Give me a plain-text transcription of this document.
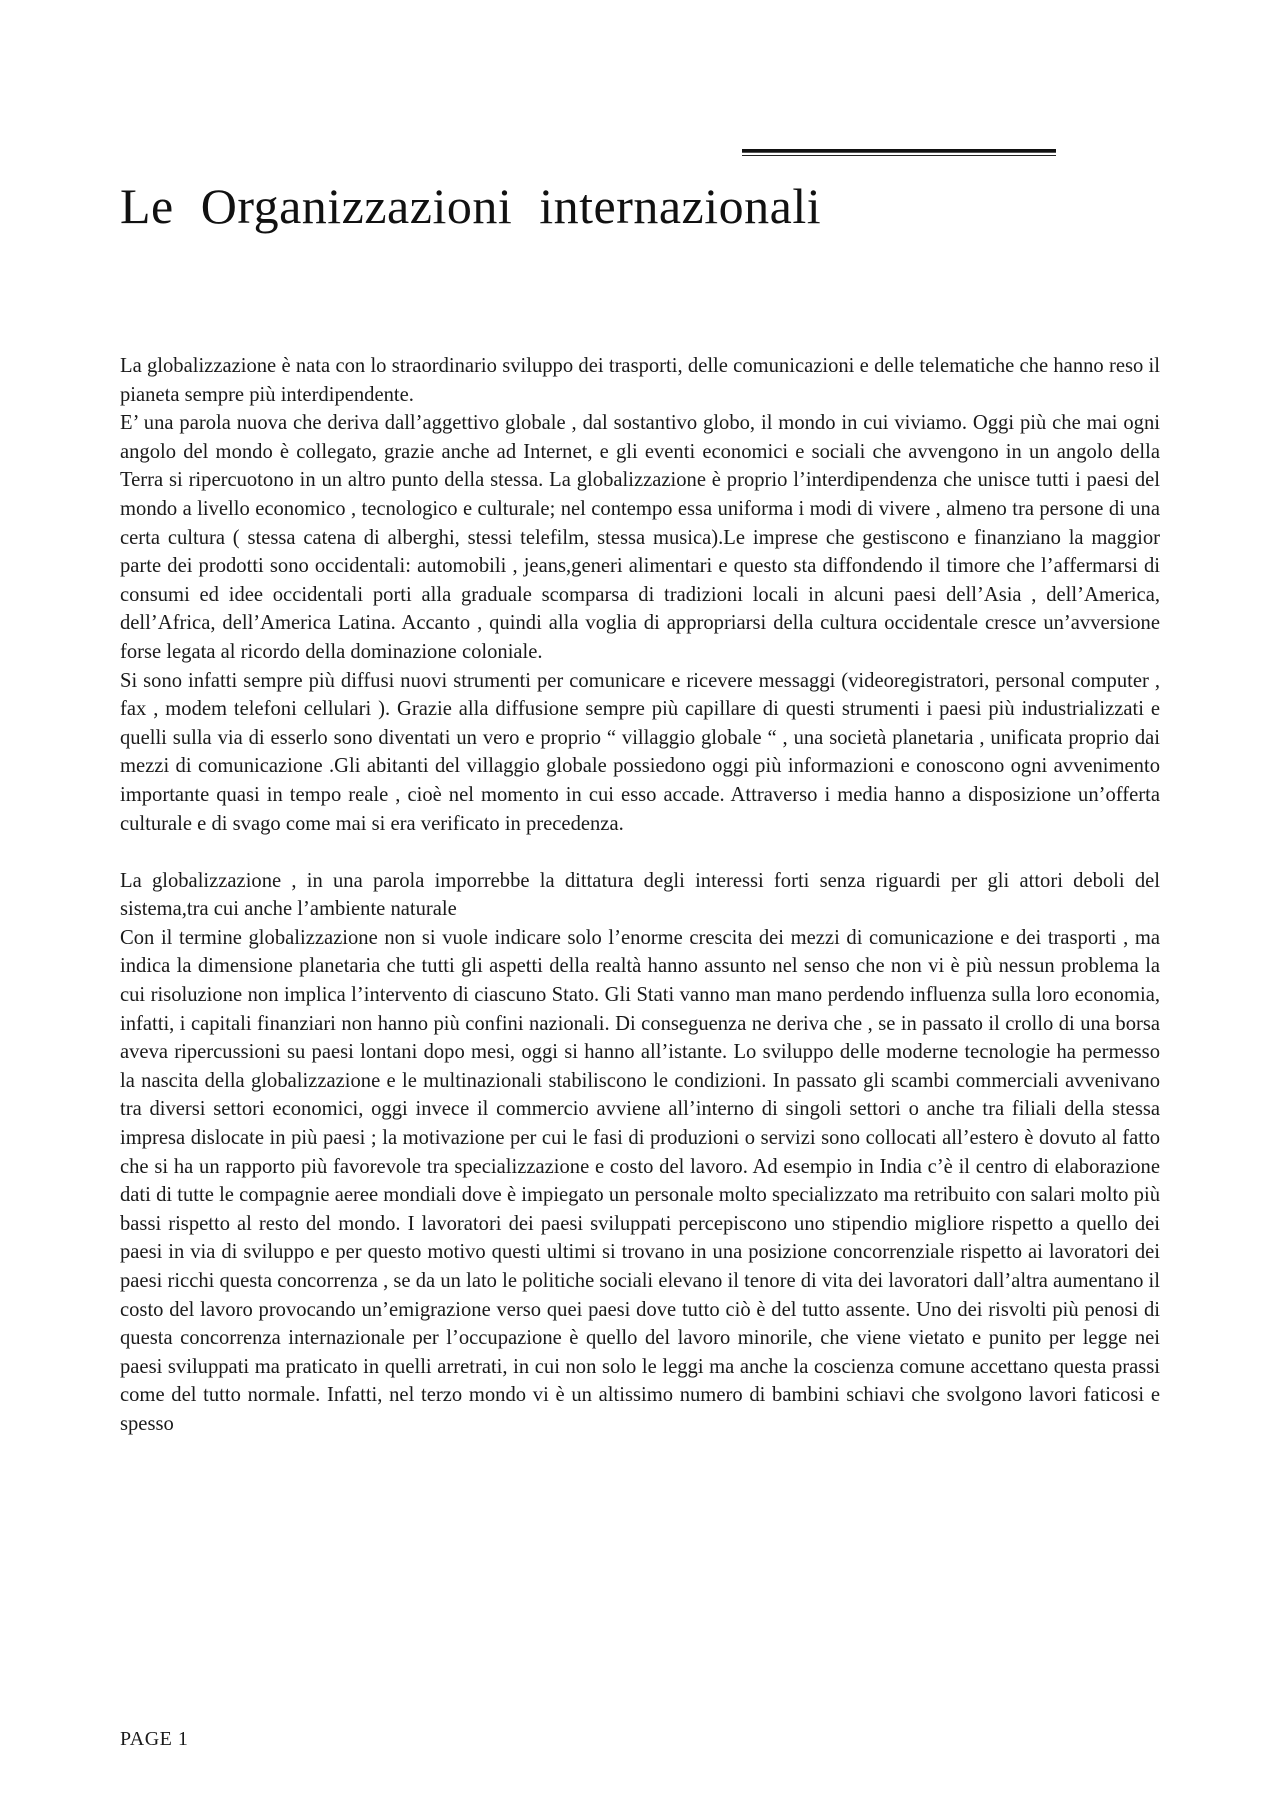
Le Organizzazioni internazionali

La globalizzazione è nata con lo straordinario sviluppo dei trasporti, delle comunicazioni e delle telematiche che hanno reso il pianeta sempre più interdipendente.

E’ una parola nuova che deriva dall’aggettivo globale , dal sostantivo globo, il mondo in cui viviamo. Oggi più che mai ogni angolo del mondo è collegato, grazie anche ad Internet, e gli eventi economici e sociali che avvengono in un angolo della Terra si ripercuotono in un altro punto della stessa. La globalizzazione è proprio l’interdipendenza che unisce tutti i paesi del mondo a livello economico , tecnologico e culturale; nel contempo essa uniforma i modi di vivere , almeno tra persone di una certa cultura ( stessa catena di alberghi, stessi telefilm, stessa musica).Le imprese che gestiscono e finanziano la maggior parte dei prodotti sono occidentali: automobili , jeans,generi alimentari e questo sta diffondendo il timore che l’affermarsi di consumi ed idee occidentali porti alla graduale scomparsa di tradizioni locali in alcuni paesi dell’Asia , dell’America, dell’Africa, dell’America Latina. Accanto , quindi alla voglia di appropriarsi della cultura occidentale cresce un’avversione forse legata al ricordo della dominazione coloniale.

Si sono infatti sempre più diffusi nuovi strumenti per comunicare e ricevere messaggi (videoregistratori, personal computer , fax , modem telefoni cellulari ). Grazie alla diffusione sempre più capillare di questi strumenti i paesi più industrializzati e quelli sulla via di esserlo sono diventati un vero e proprio “ villaggio globale “ , una società planetaria , unificata proprio dai mezzi di comunicazione .Gli abitanti del villaggio globale possiedono oggi più informazioni e conoscono ogni avvenimento importante quasi in tempo reale , cioè nel momento in cui esso accade. Attraverso i media hanno a disposizione un’offerta culturale e di svago come mai si era verificato in precedenza.

La globalizzazione , in una parola imporrebbe la dittatura degli interessi forti senza riguardi per gli attori deboli del sistema,tra cui anche l’ambiente naturale

Con il termine globalizzazione non si vuole indicare solo l’enorme crescita dei mezzi di comunicazione e dei trasporti , ma indica la dimensione planetaria che tutti gli aspetti della realtà hanno assunto nel senso che non vi è più nessun problema la cui risoluzione non implica l’intervento di ciascuno Stato. Gli Stati vanno man mano perdendo influenza sulla loro economia, infatti, i capitali finanziari non hanno più confini nazionali. Di conseguenza ne deriva che , se in passato il crollo di una borsa aveva ripercussioni su paesi lontani dopo mesi, oggi si hanno all’istante. Lo sviluppo delle moderne tecnologie ha permesso la nascita della globalizzazione e le multinazionali stabiliscono le condizioni. In passato gli scambi commerciali avvenivano tra diversi settori economici, oggi invece il commercio avviene all’interno di singoli settori o anche tra filiali della stessa impresa dislocate in più paesi ; la motivazione per cui le fasi di produzioni o servizi sono collocati all’estero è dovuto al fatto che si ha un rapporto più favorevole tra specializzazione e costo del lavoro. Ad esempio in India c’è il centro di elaborazione dati di tutte le compagnie aeree mondiali dove è impiegato un personale molto specializzato ma retribuito con salari molto più bassi rispetto al resto del mondo. I lavoratori dei paesi sviluppati percepiscono uno stipendio migliore rispetto a quello dei paesi in via di sviluppo e per questo motivo questi ultimi si trovano in una posizione concorrenziale rispetto ai lavoratori dei paesi ricchi questa concorrenza , se da un lato le politiche sociali elevano il tenore di vita dei lavoratori dall’altra aumentano il costo del lavoro provocando un’emigrazione verso quei paesi dove tutto ciò è del tutto assente. Uno dei risvolti più penosi di questa concorrenza internazionale per l’occupazione è quello del lavoro minorile, che viene vietato e punito per legge nei paesi sviluppati ma praticato in quelli arretrati, in cui non solo le leggi ma anche la coscienza comune accettano questa prassi come del tutto normale. Infatti, nel terzo mondo vi è un altissimo numero di bambini schiavi che svolgono lavori faticosi e spesso

PAGE 1
